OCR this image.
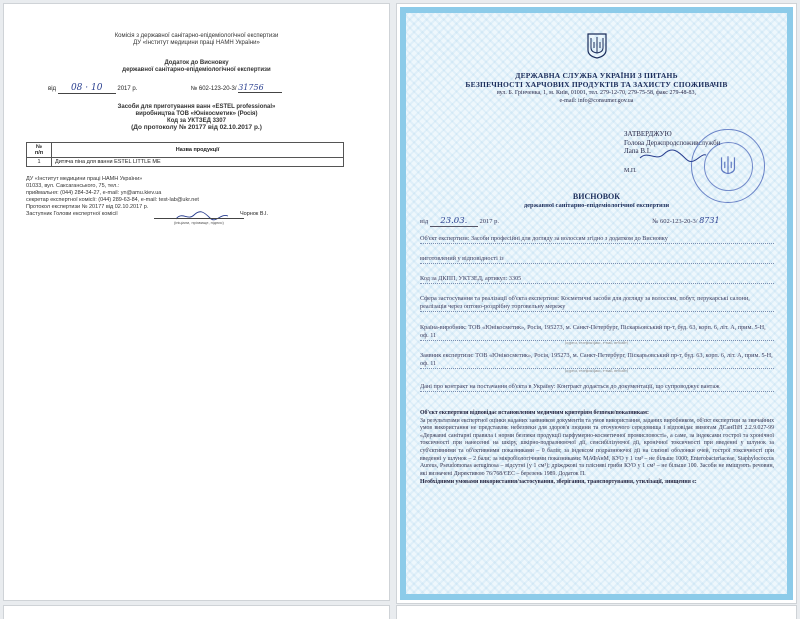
Комісія з державної санітарно-епідеміологічної експертизи
ДУ «Інститут медицини праці НАМН України»
Додаток до Висновку
державної санітарно-епідеміологічної експертизи
від 08 · 10 2017 р.	№ 602-123-20-3/ 31756
Засоби для приготування ванн «ESTEL professional»
виробництва ТОВ «Юнікосметик» (Росія)
Код за УКТЗЕД 3307
(До протоколу № 20177 від 02.10.2017 р.)
№
п/п	Назва продукції
1	Дитяча піна для ванни ESTEL LITTLE ME
ДУ «Інститут медицини праці НАМН України»
01033, вул. Саксаганського, 75, тел.:
приймальня: (044) 284-34-27, e-mail: yn@amu.kiev.ua
секретар експертної комісії: (044) 289-63-84, e-mail: test-lab@ukr.net
Протокол експертизи № 20177 від 02.10.2017 р.
Заступник Голови експертної комісії	Чорнок В.І.
(ініціали, прізвище, підпис)
ДЕРЖАВНА СЛУЖБА УКРАЇНИ З ПИТАНЬ
БЕЗПЕЧНОСТІ ХАРЧОВИХ ПРОДУКТІВ ТА ЗАХИСТУ СПОЖИВАЧІВ
вул. Б. Грінченка, 1, м. Київ, 01001, тел. 279-12-70, 279-75-58, факс 279-48-83,
e-mail: info@consumer.gov.ua
ЗАТВЕРДЖУЮ
Голова Держпродспоживслужби
Лапа В.І.
М.П.
ВИСНОВОК
державної санітарно-епідеміологічної експертизи
від 23.03. 2017 р.	№ 602-123-20-3/ 8731
Об'єкт експертизи: Засоби професійні для догляду за волоссям згідно з додатком до Висновку
виготовлений у відповідності із
Код за ДКПП, УКТЗЕД, артикул: 3305
Сфера застосування та реалізації об'єкта експертизи: Косметичні засоби для догляду за волоссям, побут, перукарські салони, реалізація через оптово-роздрібну торговельну мережу
Країна-виробник: ТОВ «Юнікосметик», Росія, 195273, м. Санкт-Петербург, Піскарьовський пр-т, буд. 63, корп. 6, літ. А, прим. 5-Н, оф. 11
(адреса, телефон/факс, e-mail, вебсайт)
Заявник експертизи: ТОВ «Юнікосметик», Росія, 195273, м. Санкт-Петербург, Піскарьовський пр-т, буд. 63, корп. 6, літ. А, прим. 5-Н, оф. 11
(адреса, телефон/факс, e-mail, вебсайт)
Дані про контракт на постачання об'єкта в Україну: Контракт додається до документації, що супроводжує вантаж
Об'єкт експертизи відповідає встановленим медичним критеріям безпеки/показникам:
За результатами експертної оцінки наданих заявником документів та умов використання, заданих виробником, об'єкт експертизи за звичайних умов використання не представляє небезпеки для здоров'я людини та оточуючого середовища і відповідає вимогам ДСанПіН 2.2.9.027-99 «Державні санітарні правила і норми безпеки продукції парфумерно-косметичної промисловості», а саме, за індексами гострої та хронічної токсичності при нанесенні на шкіру, шкірно-подразнюючої дії, сенсибілізуючої дії, кронічної токсичності при введенні у шлунок за суб'єктивними та об'єктивними показниками – 0 балів; за індексом подразнюючої дії на слизові оболонки очей, гострої токсичності при введенні у шлунок – 2 бали; за мікробіологічними показниками: МАФАнМ, КУО у 1 см³ – не більше 1000; Enterobacteriaceae, Staphylococcus Aureus, Pseudomonas aeruginosa – відсутні (у 1 см³); дріжджові та пліснявi гриби КУО у 1 см³ – не більше 100. Засоби не вміщують речовин, які визначені Директивою 76/768/ЄЕС – березень 1989. Додаток П.
Необхідними умовами використання/застосування, зберігання, транспортування, утилізації, знищення є:
